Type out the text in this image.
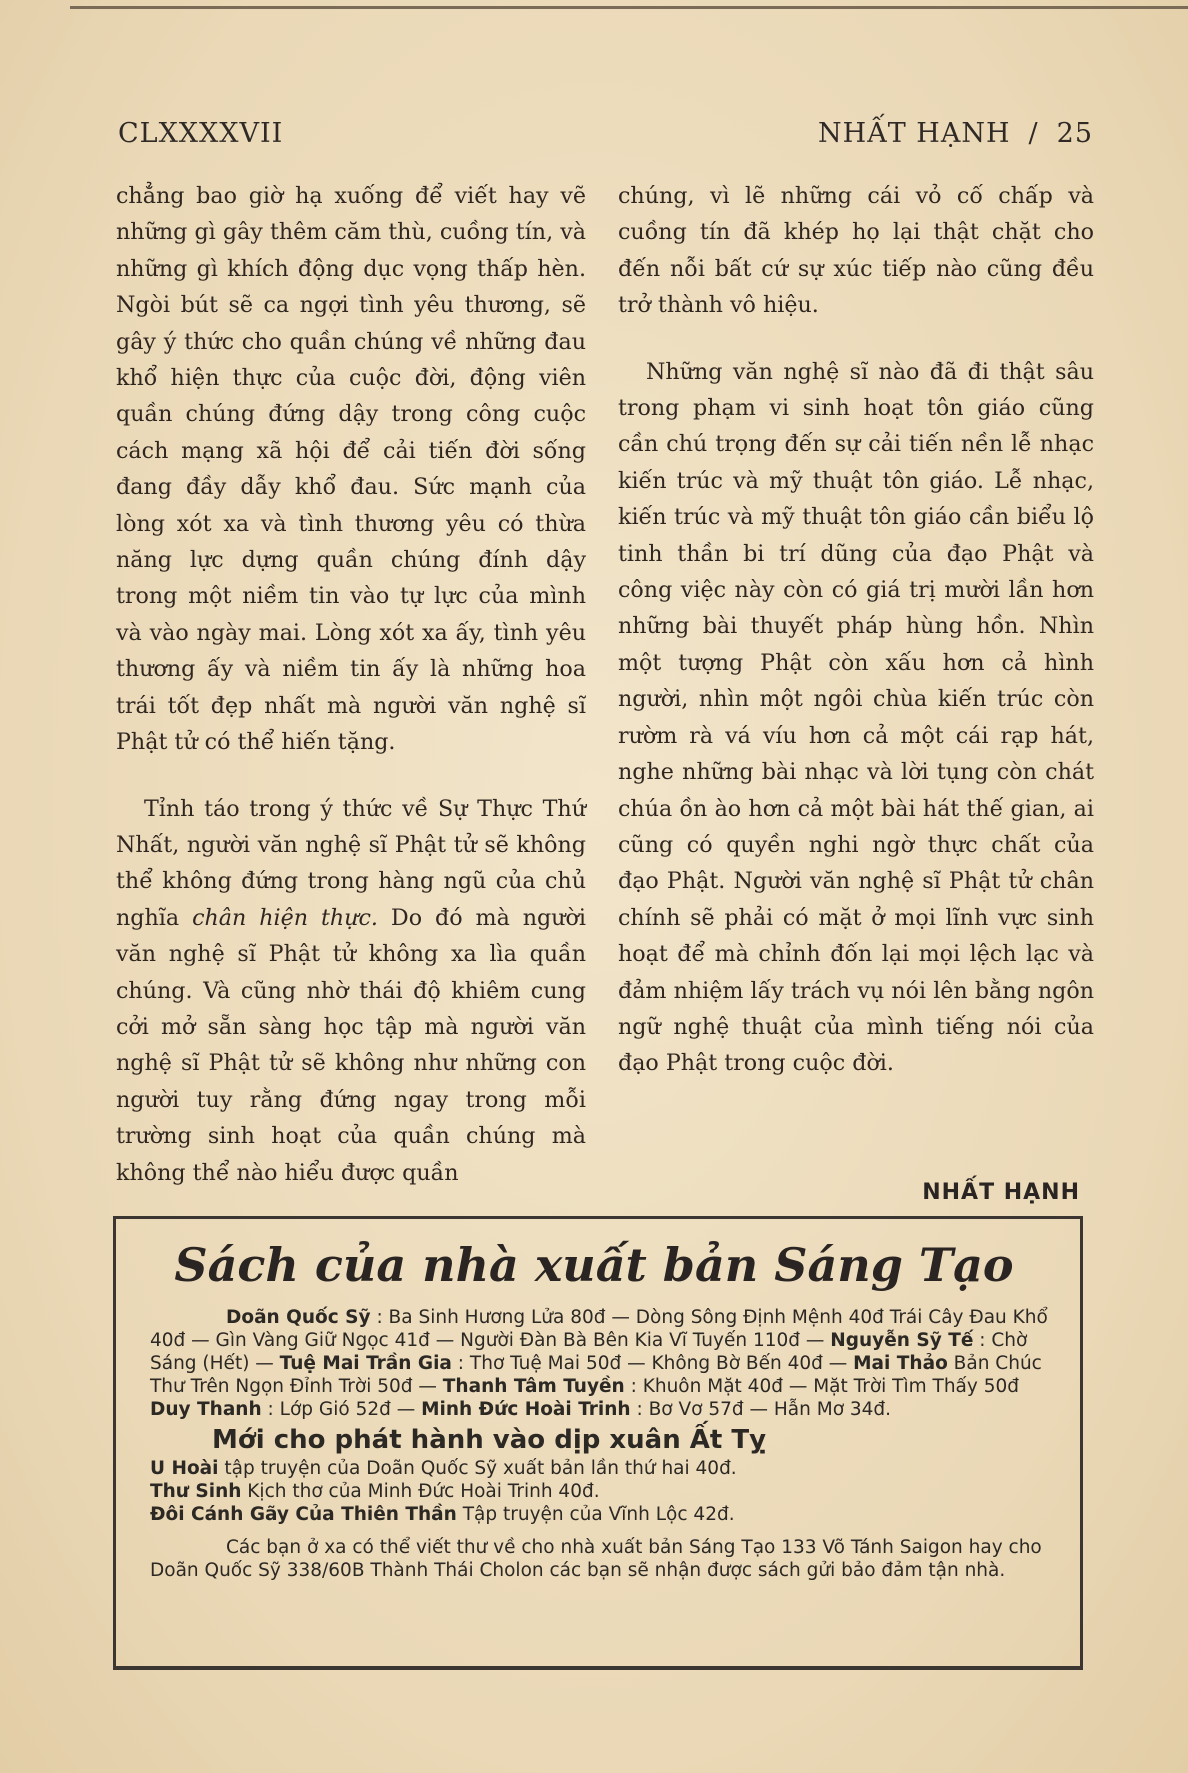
CLXXXXVII	NHẤT HẠNH / 25

chẳng bao giờ hạ xuống để viết hay vẽ những gì gây thêm căm thù, cuồng tín, và những gì khích động dục vọng thấp hèn. Ngòi bút sẽ ca ngợi tình yêu thương, sẽ gây ý thức cho quần chúng về những đau khổ hiện thực của cuộc đời, động viên quần chúng đứng dậy trong công cuộc cách mạng xã hội để cải tiến đời sống đang đầy dẫy khổ đau. Sức mạnh của lòng xót xa và tình thương yêu có thừa năng lực dựng quần chúng đính dậy trong một niềm tin vào tự lực của mình và vào ngày mai. Lòng xót xa ấy, tình yêu thương ấy và niềm tin ấy là những hoa trái tốt đẹp nhất mà người văn nghệ sĩ Phật tử có thể hiến tặng.

Tỉnh táo trong ý thức về Sự Thực Thứ Nhất, người văn nghệ sĩ Phật tử sẽ không thể không đứng trong hàng ngũ của chủ nghĩa chân hiện thực. Do đó mà người văn nghệ sĩ Phật tử không xa lìa quần chúng. Và cũng nhờ thái độ khiêm cung cởi mở sẵn sàng học tập mà người văn nghệ sĩ Phật tử sẽ không như những con người tuy rằng đứng ngay trong mỗi trường sinh hoạt của quần chúng mà không thể nào hiểu được quần

chúng, vì lẽ những cái vỏ cố chấp và cuồng tín đã khép họ lại thật chặt cho đến nỗi bất cứ sự xúc tiếp nào cũng đều trở thành vô hiệu.

Những văn nghệ sĩ nào đã đi thật sâu trong phạm vi sinh hoạt tôn giáo cũng cần chú trọng đến sự cải tiến nền lễ nhạc kiến trúc và mỹ thuật tôn giáo. Lễ nhạc, kiến trúc và mỹ thuật tôn giáo cần biểu lộ tinh thần bi trí dũng của đạo Phật và công việc này còn có giá trị mười lần hơn những bài thuyết pháp hùng hồn. Nhìn một tượng Phật còn xấu hơn cả hình người, nhìn một ngôi chùa kiến trúc còn rườm rà vá víu hơn cả một cái rạp hát, nghe những bài nhạc và lời tụng còn chát chúa ồn ào hơn cả một bài hát thế gian, ai cũng có quyền nghi ngờ thực chất của đạo Phật. Người văn nghệ sĩ Phật tử chân chính sẽ phải có mặt ở mọi lĩnh vực sinh hoạt để mà chỉnh đốn lại mọi lệch lạc và đảm nhiệm lấy trách vụ nói lên bằng ngôn ngữ nghệ thuật của mình tiếng nói của đạo Phật trong cuộc đời.

NHẤT HẠNH
Sách của nhà xuất bản Sáng Tạo

Doãn Quốc Sỹ : Ba Sinh Hương Lửa 80đ — Dòng Sông Định Mệnh 40đ Trái Cây Đau Khổ 40đ — Gìn Vàng Giữ Ngọc 41đ — Người Đàn Bà Bên Kia Vĩ Tuyến 110đ — Nguyễn Sỹ Tế : Chờ Sáng (Hết) — Tuệ Mai Trần Gia : Thơ Tuệ Mai 50đ — Không Bờ Bến 40đ — Mai Thảo Bản Chúc Thư Trên Ngọn Đỉnh Trời 50đ — Thanh Tâm Tuyền : Khuôn Mặt 40đ — Mặt Trời Tìm Thấy 50đ Duy Thanh : Lớp Gió 52đ — Minh Đức Hoài Trinh : Bơ Vơ 57đ — Hẫn Mơ 34đ.

Mới cho phát hành vào dịp xuân Ất Tỵ

U Hoài tập truyện của Doãn Quốc Sỹ xuất bản lần thứ hai 40đ.

Thư Sinh Kịch thơ của Minh Đức Hoài Trinh 40đ.

Đôi Cánh Gãy Của Thiên Thần Tập truyện của Vĩnh Lộc 42đ.

Các bạn ở xa có thể viết thư về cho nhà xuất bản Sáng Tạo 133 Võ Tánh Saigon hay cho Doãn Quốc Sỹ 338/60B Thành Thái Cholon các bạn sẽ nhận được sách gửi bảo đảm tận nhà.
